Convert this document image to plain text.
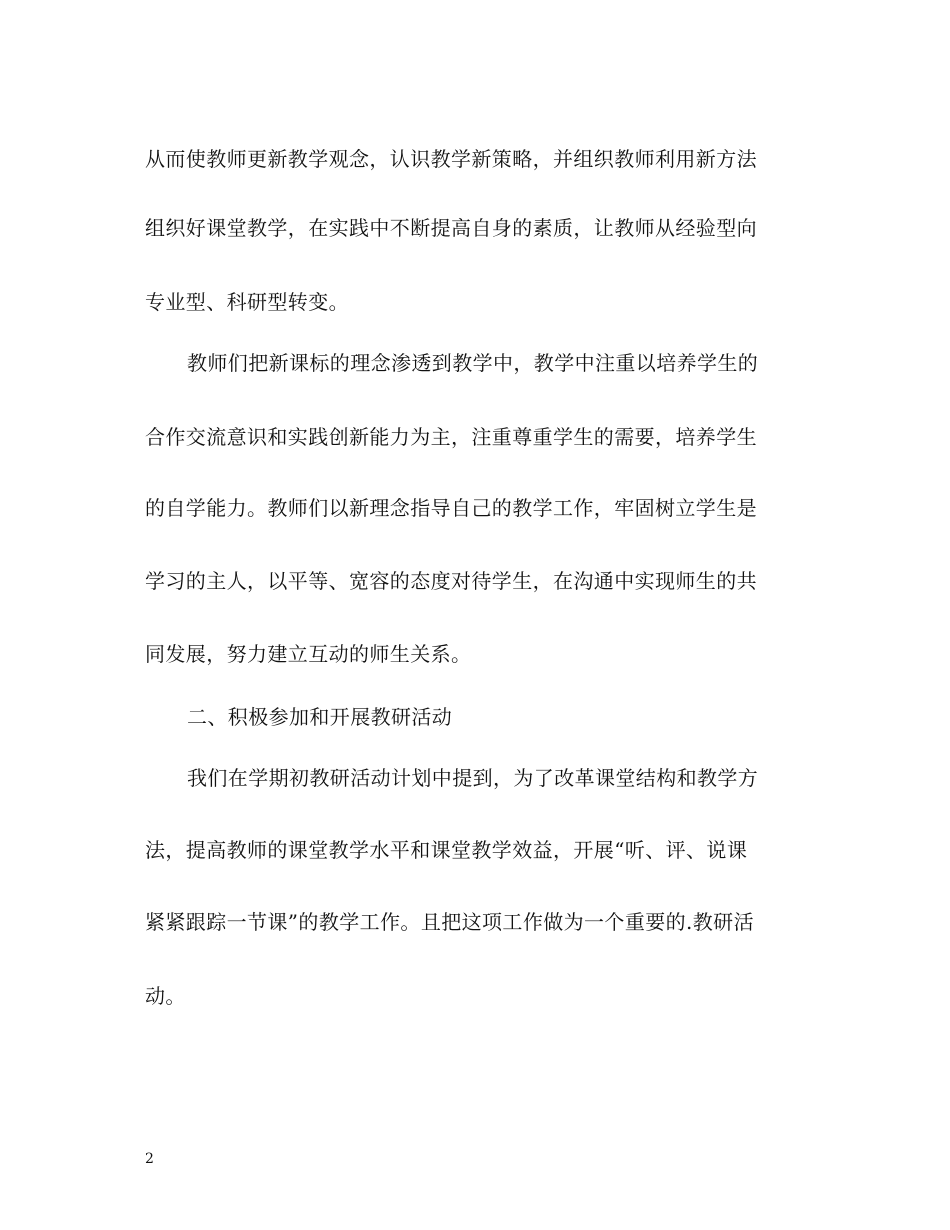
从而使教师更新教学观念，认识教学新策略，并组织教师利用新方法
组织好课堂教学，在实践中不断提高自身的素质，让教师从经验型向
专业型、科研型转变。
教师们把新课标的理念渗透到教学中，教学中注重以培养学生的
合作交流意识和实践创新能力为主，注重尊重学生的需要，培养学生
的自学能力。教师们以新理念指导自己的教学工作，牢固树立学生是
学习的主人，以平等、宽容的态度对待学生，在沟通中实现师生的共
同发展，努力建立互动的师生关系。
二、积极参加和开展教研活动
我们在学期初教研活动计划中提到，为了改革课堂结构和教学方
法，提高教师的课堂教学水平和课堂教学效益，开展“听、评、说课
紧紧跟踪一节课”的教学工作。且把这项工作做为一个重要的.教研活
动。
2
